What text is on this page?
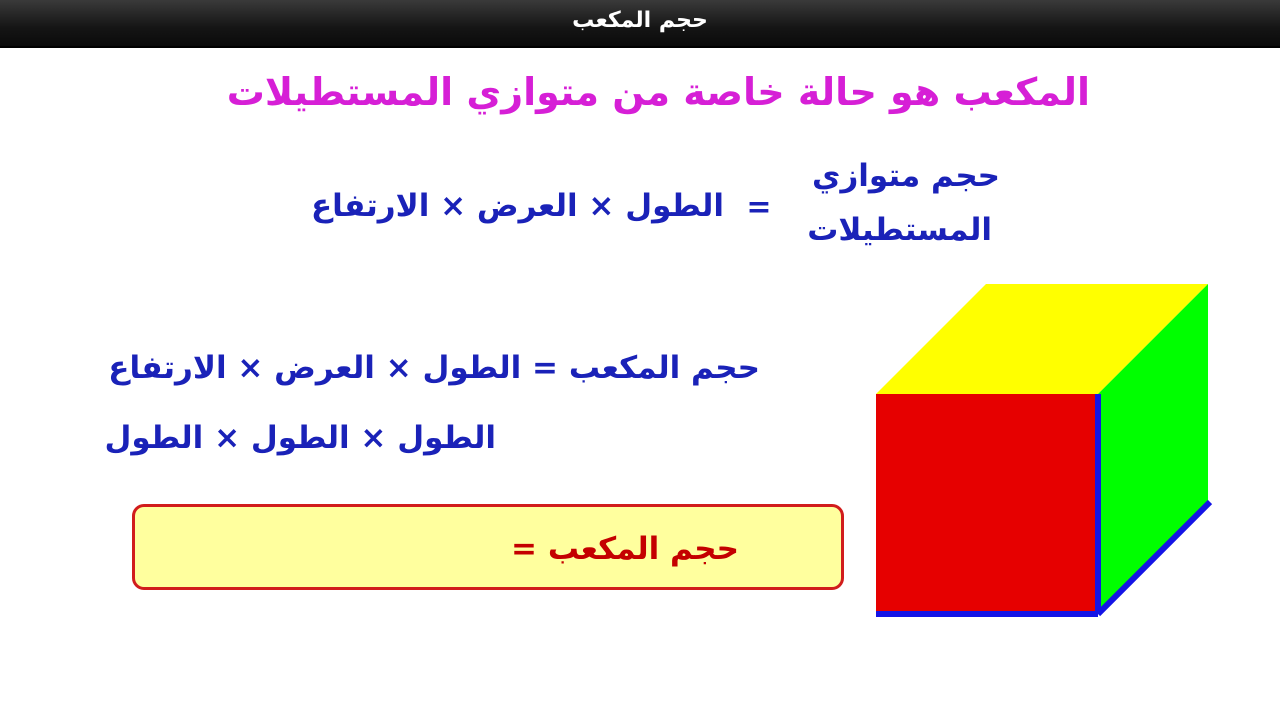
حجم المكعب
المكعب هو حالة خاصة من متوازي المستطيلات
حجم متوازي
المستطيلات
=
الطول × العرض × الارتفاع
حجم المكعب = الطول × العرض × الارتفاع
الطول × الطول × الطول
حجم المكعب =
